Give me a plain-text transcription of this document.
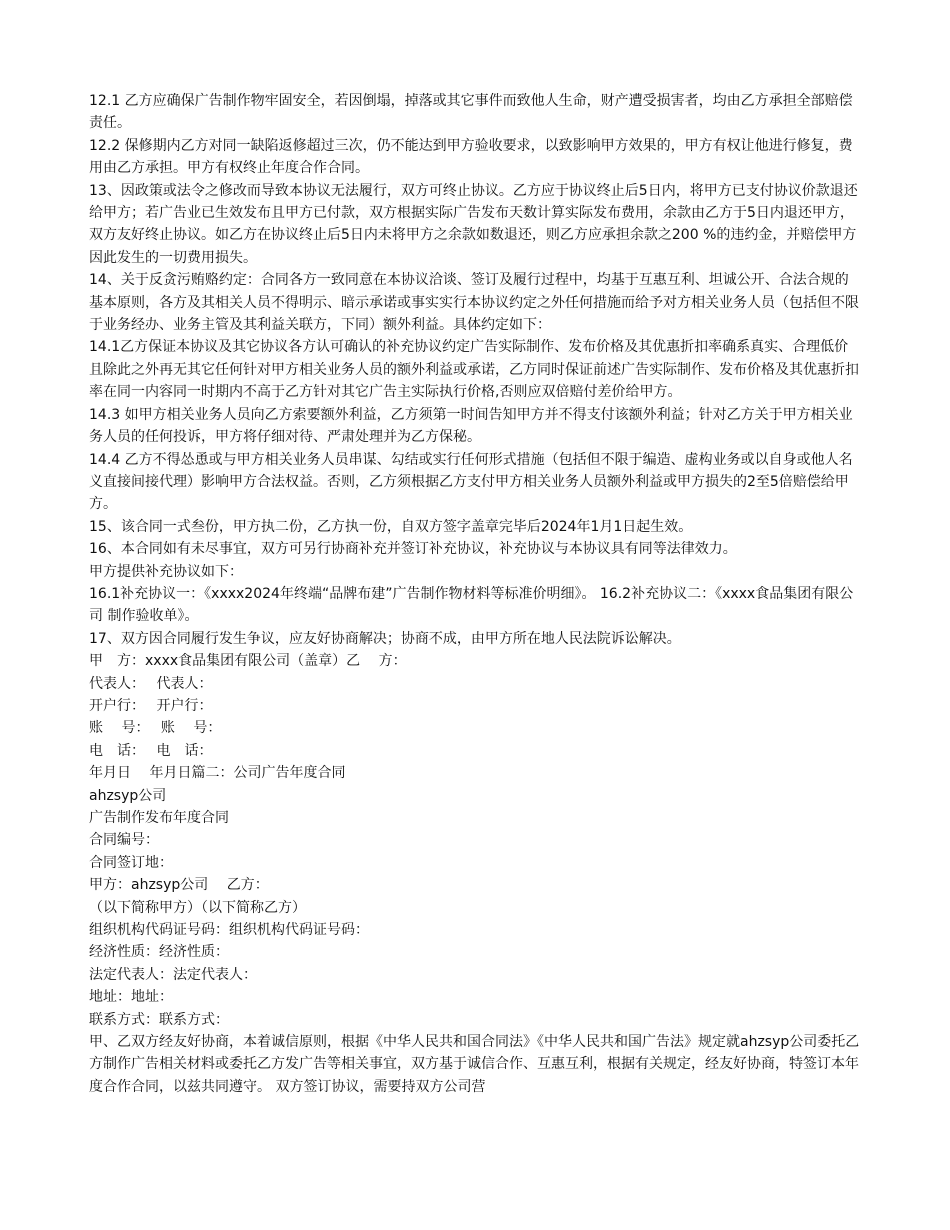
12.1 乙方应确保广告制作物牢固安全，若因倒塌，掉落或其它事件而致他人生命，财产遭受损害者，均由乙方承担全部赔偿责任。

12.2 保修期内乙方对同一缺陷返修超过三次，仍不能达到甲方验收要求，以致影响甲方效果的，甲方有权让他进行修复，费用由乙方承担。甲方有权终止年度合作合同。

13、因政策或法令之修改而导致本协议无法履行，双方可终止协议。乙方应于协议终止后5日内，将甲方已支付协议价款退还给甲方；若广告业已生效发布且甲方已付款，双方根据实际广告发布天数计算实际发布费用，余款由乙方于5日内退还甲方，双方友好终止协议。如乙方在协议终止后5日内未将甲方之余款如数退还，则乙方应承担余款之200 %的违约金，并赔偿甲方因此发生的一切费用损失。

14、关于反贪污贿赂约定：合同各方一致同意在本协议洽谈、签订及履行过程中，均基于互惠互利、坦诚公开、合法合规的基本原则，各方及其相关人员不得明示、暗示承诺或事实实行本协议约定之外任何措施而给予对方相关业务人员（包括但不限于业务经办、业务主管及其利益关联方，下同）额外利益。具体约定如下：

14.1乙方保证本协议及其它协议各方认可确认的补充协议约定广告实际制作、发布价格及其优惠折扣率确系真实、合理低价且除此之外再无其它任何针对甲方相关业务人员的额外利益或承诺，乙方同时保证前述广告实际制作、发布价格及其优惠折扣率在同一内容同一时期内不高于乙方针对其它广告主实际执行价格,否则应双倍赔付差价给甲方。

14.3 如甲方相关业务人员向乙方索要额外利益，乙方须第一时间告知甲方并不得支付该额外利益；针对乙方关于甲方相关业务人员的任何投诉，甲方将仔细对待、严肃处理并为乙方保秘。

14.4 乙方不得怂恿或与甲方相关业务人员串谋、勾结或实行任何形式措施（包括但不限于编造、虚构业务或以自身或他人名义直接间接代理）影响甲方合法权益。否则，乙方须根据乙方支付甲方相关业务人员额外利益或甲方损失的2至5倍赔偿给甲方。

15、该合同一式叁份，甲方执二份，乙方执一份，自双方签字盖章完毕后2024年1月1日起生效。

16、本合同如有未尽事宜，双方可另行协商补充并签订补充协议，补充协议与本协议具有同等法律效力。

甲方提供补充协议如下：

16.1补充协议一：《xxxx2024年终端“品牌布建”广告制作物材料等标准价明细》。 16.2补充协议二：《xxxx食品集团有限公司 制作验收单》。

17、双方因合同履行发生争议，应友好协商解决；协商不成，由甲方所在地人民法院诉讼解决。

甲　方：xxxx食品集团有限公司（盖章）乙　 方：

代表人：　 代表人：

开户行：　 开户行：

账　 号：　 账　 号：

电　话：　 电　话：

年月日　 年月日篇二：公司广告年度合同

ahzsyp公司

广告制作发布年度合同

合同编号：

合同签订地：

甲方：ahzsyp公司　 乙方：

（以下简称甲方）（以下简称乙方）

组织机构代码证号码：组织机构代码证号码：

经济性质：经济性质：

法定代表人：法定代表人：

地址：地址：

联系方式：联系方式：

甲、乙双方经友好协商，本着诚信原则，根据《中华人民共和国合同法》《中华人民共和国广告法》规定就ahzsyp公司委托乙方制作广告相关材料或委托乙方发广告等相关事宜，双方基于诚信合作、互惠互利，根据有关规定，经友好协商，特签订本年度合作合同，以兹共同遵守。 双方签订协议，需要持双方公司营
